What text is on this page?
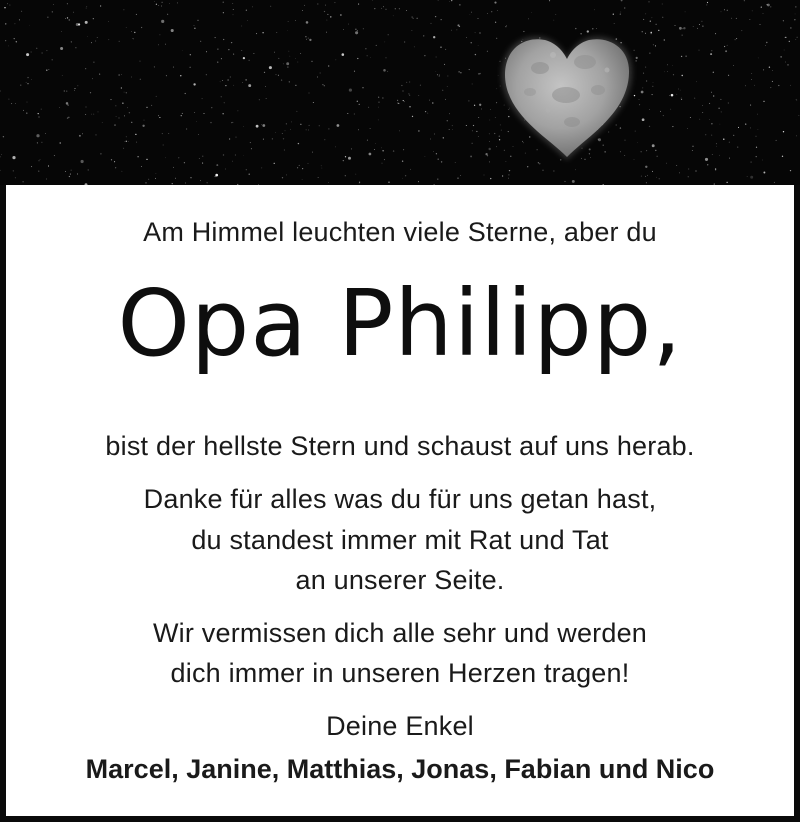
Am Himmel leuchten viele Sterne, aber du
Opa Philipp,
bist der hellste Stern und schaust auf uns herab.
Danke für alles was du für uns getan hast,
du standest immer mit Rat und Tat
an unserer Seite.
Wir vermissen dich alle sehr und werden
dich immer in unseren Herzen tragen!
Deine Enkel
Marcel, Janine, Matthias, Jonas, Fabian und Nico
